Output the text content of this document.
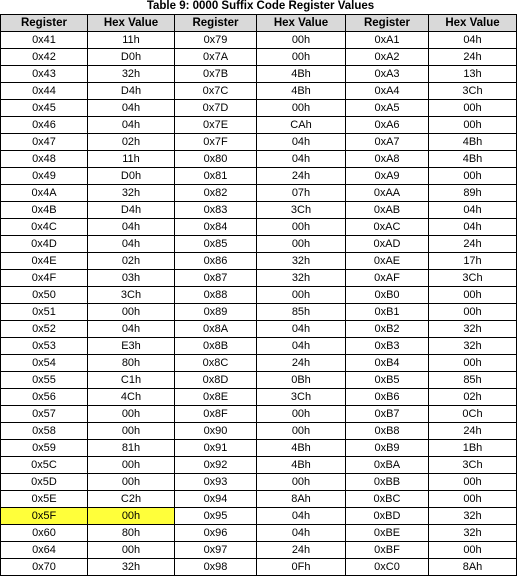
Table 9: 0000 Suffix Code Register Values
Register	Hex Value	Register	Hex Value	Register	Hex Value
0x41	11h	0x79	00h	0xA1	04h
0x42	D0h	0x7A	00h	0xA2	24h
0x43	32h	0x7B	4Bh	0xA3	13h
0x44	D4h	0x7C	4Bh	0xA4	3Ch
0x45	04h	0x7D	00h	0xA5	00h
0x46	04h	0x7E	CAh	0xA6	00h
0x47	02h	0x7F	04h	0xA7	4Bh
0x48	11h	0x80	04h	0xA8	4Bh
0x49	D0h	0x81	24h	0xA9	00h
0x4A	32h	0x82	07h	0xAA	89h
0x4B	D4h	0x83	3Ch	0xAB	04h
0x4C	04h	0x84	00h	0xAC	04h
0x4D	04h	0x85	00h	0xAD	24h
0x4E	02h	0x86	32h	0xAE	17h
0x4F	03h	0x87	32h	0xAF	3Ch
0x50	3Ch	0x88	00h	0xB0	00h
0x51	00h	0x89	85h	0xB1	00h
0x52	04h	0x8A	04h	0xB2	32h
0x53	E3h	0x8B	04h	0xB3	32h
0x54	80h	0x8C	24h	0xB4	00h
0x55	C1h	0x8D	0Bh	0xB5	85h
0x56	4Ch	0x8E	3Ch	0xB6	02h
0x57	00h	0x8F	00h	0xB7	0Ch
0x58	00h	0x90	00h	0xB8	24h
0x59	81h	0x91	4Bh	0xB9	1Bh
0x5C	00h	0x92	4Bh	0xBA	3Ch
0x5D	00h	0x93	00h	0xBB	00h
0x5E	C2h	0x94	8Ah	0xBC	00h
0x5F	00h	0x95	04h	0xBD	32h
0x60	80h	0x96	04h	0xBE	32h
0x64	00h	0x97	24h	0xBF	00h
0x70	32h	0x98	0Fh	0xC0	8Ah
